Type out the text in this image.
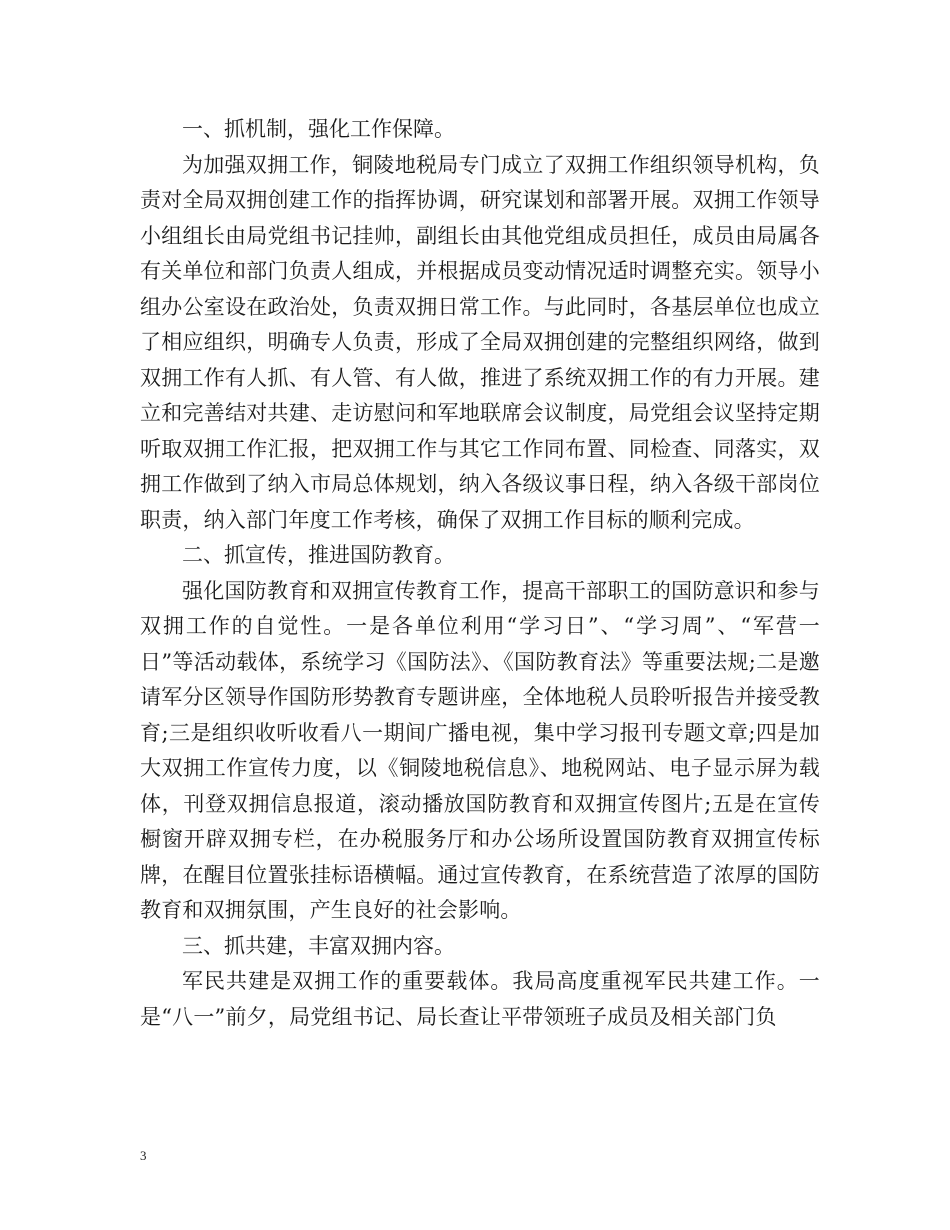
一、抓机制，强化工作保障。

为加强双拥工作，铜陵地税局专门成立了双拥工作组织领导机构，负责对全局双拥创建工作的指挥协调，研究谋划和部署开展。双拥工作领导小组组长由局党组书记挂帅，副组长由其他党组成员担任，成员由局属各有关单位和部门负责人组成，并根据成员变动情况适时调整充实。领导小组办公室设在政治处，负责双拥日常工作。与此同时，各基层单位也成立了相应组织，明确专人负责，形成了全局双拥创建的完整组织网络，做到双拥工作有人抓、有人管、有人做，推进了系统双拥工作的有力开展。建立和完善结对共建、走访慰问和军地联席会议制度，局党组会议坚持定期听取双拥工作汇报，把双拥工作与其它工作同布置、同检查、同落实，双拥工作做到了纳入市局总体规划，纳入各级议事日程，纳入各级干部岗位职责，纳入部门年度工作考核，确保了双拥工作目标的顺利完成。

二、抓宣传，推进国防教育。

强化国防教育和双拥宣传教育工作，提高干部职工的国防意识和参与双拥工作的自觉性。一是各单位利用“学习日”、“学习周”、“军营一日”等活动载体，系统学习《国防法》、《国防教育法》等重要法规;二是邀请军分区领导作国防形势教育专题讲座，全体地税人员聆听报告并接受教育;三是组织收听收看八一期间广播电视，集中学习报刊专题文章;四是加大双拥工作宣传力度，以《铜陵地税信息》、地税网站、电子显示屏为载体，刊登双拥信息报道，滚动播放国防教育和双拥宣传图片;五是在宣传橱窗开辟双拥专栏，在办税服务厅和办公场所设置国防教育双拥宣传标牌，在醒目位置张挂标语横幅。通过宣传教育，在系统营造了浓厚的国防教育和双拥氛围，产生良好的社会影响。

三、抓共建，丰富双拥内容。

军民共建是双拥工作的重要载体。我局高度重视军民共建工作。一是“八一”前夕，局党组书记、局长查让平带领班子成员及相关部门负

3
